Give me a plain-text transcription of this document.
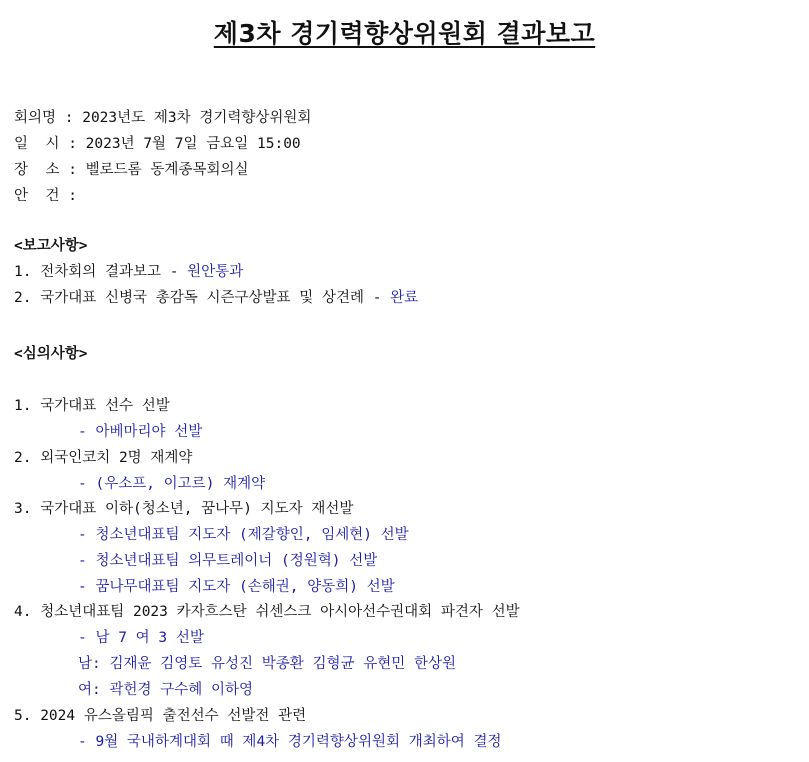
제3차 경기력향상위원회 결과보고
회의명 : 2023년도 제3차 경기력향상위원회
일  시 : 2023년 7월 7일 금요일 15:00
장  소 : 벨로드롬 동계종목회의실
안  건 :
<보고사항>
1. 전차회의 결과보고 - 원안통과
2. 국가대표 신병국 총감독 시즌구상발표 및 상견례 - 완료
<심의사항>
1. 국가대표 선수 선발
- 아베마리야 선발
2. 외국인코치 2명 재계약
- (우소프, 이고르) 재계약
3. 국가대표 이하(청소년, 꿈나무) 지도자 재선발
- 청소년대표팀 지도자 (제갈향인, 임세현) 선발
- 청소년대표팀 의무트레이너 (정원혁) 선발
- 꿈나무대표팀 지도자 (손해권, 양동희) 선발
4. 청소년대표팀 2023 카자흐스탄 쉬센스크 아시아선수권대회 파견자 선발
- 남 7 여 3 선발
남: 김재윤 김영토 유성진 박종환 김형균 유현민 한상원
여: 곽헌경 구수혜 이하영
5. 2024 유스올림픽 출전선수 선발전 관련
- 9월 국내하계대회 때 제4차 경기력향상위원회 개최하여 결정
